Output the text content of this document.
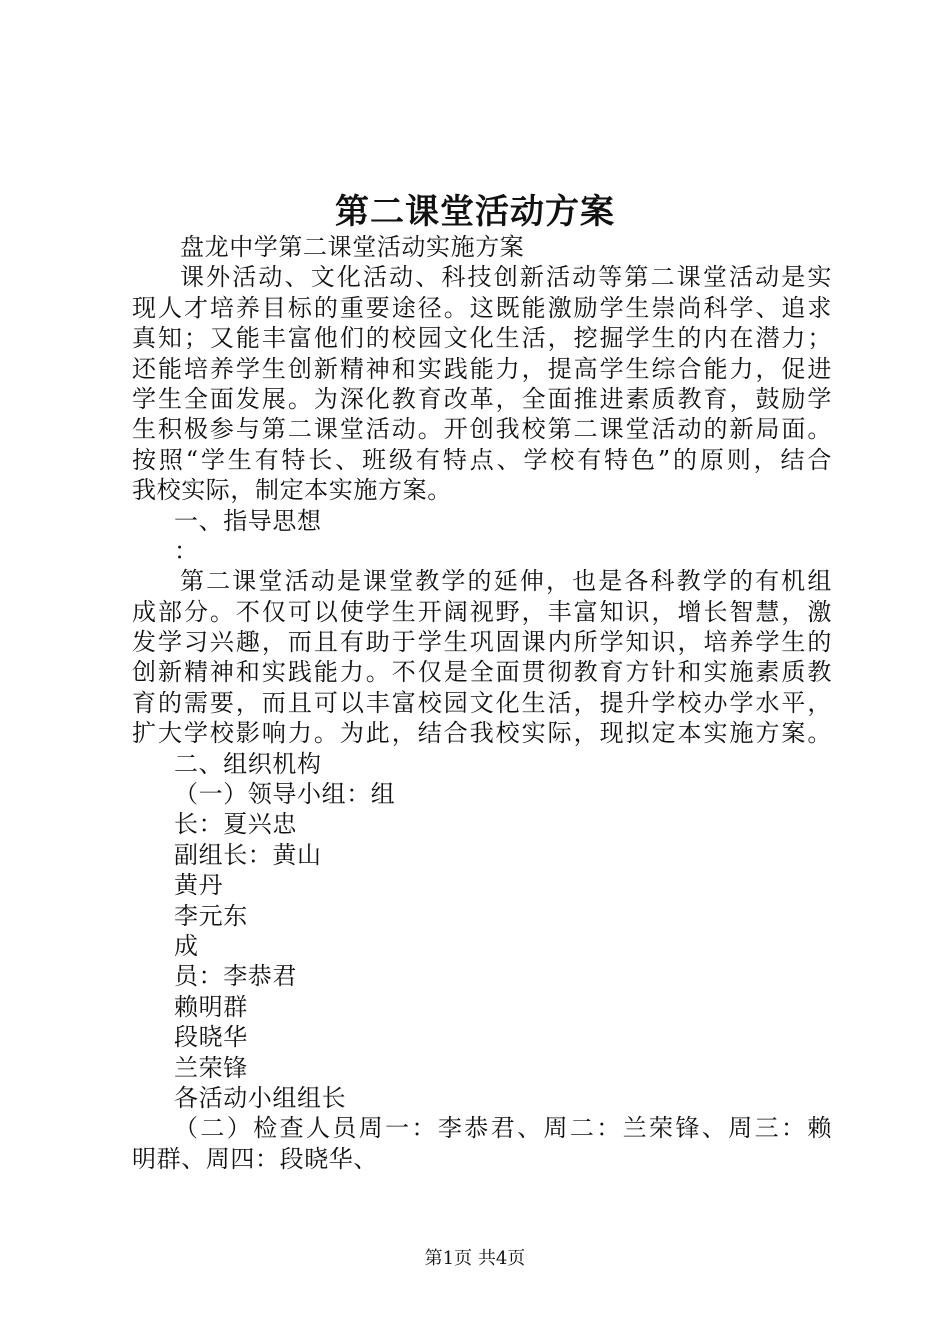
第二课堂活动方案
盘龙中学第二课堂活动实施方案
课外活动、文化活动、科技创新活动等第二课堂活动是实
现人才培养目标的重要途径。这既能激励学生崇尚科学、追求
真知；又能丰富他们的校园文化生活，挖掘学生的内在潜力；
还能培养学生创新精神和实践能力，提高学生综合能力，促进
学生全面发展。为深化教育改革，全面推进素质教育，鼓励学
生积极参与第二课堂活动。开创我校第二课堂活动的新局面。
按照“学生有特长、班级有特点、学校有特色”的原则，结合
我校实际，制定本实施方案。
一、指导思想
：
第二课堂活动是课堂教学的延伸，也是各科教学的有机组
成部分。不仅可以使学生开阔视野，丰富知识，增长智慧，激
发学习兴趣，而且有助于学生巩固课内所学知识，培养学生的
创新精神和实践能力。不仅是全面贯彻教育方针和实施素质教
育的需要，而且可以丰富校园文化生活，提升学校办学水平，
扩大学校影响力。为此，结合我校实际，现拟定本实施方案。
二、组织机构
（一）领导小组：组
长：夏兴忠
副组长：黄山
黄丹
李元东
成
员：李恭君
赖明群
段晓华
兰荣锋
各活动小组组长
（二）检查人员周一：李恭君、周二：兰荣锋、周三：赖
明群、周四：段晓华、
第1页 共4页
